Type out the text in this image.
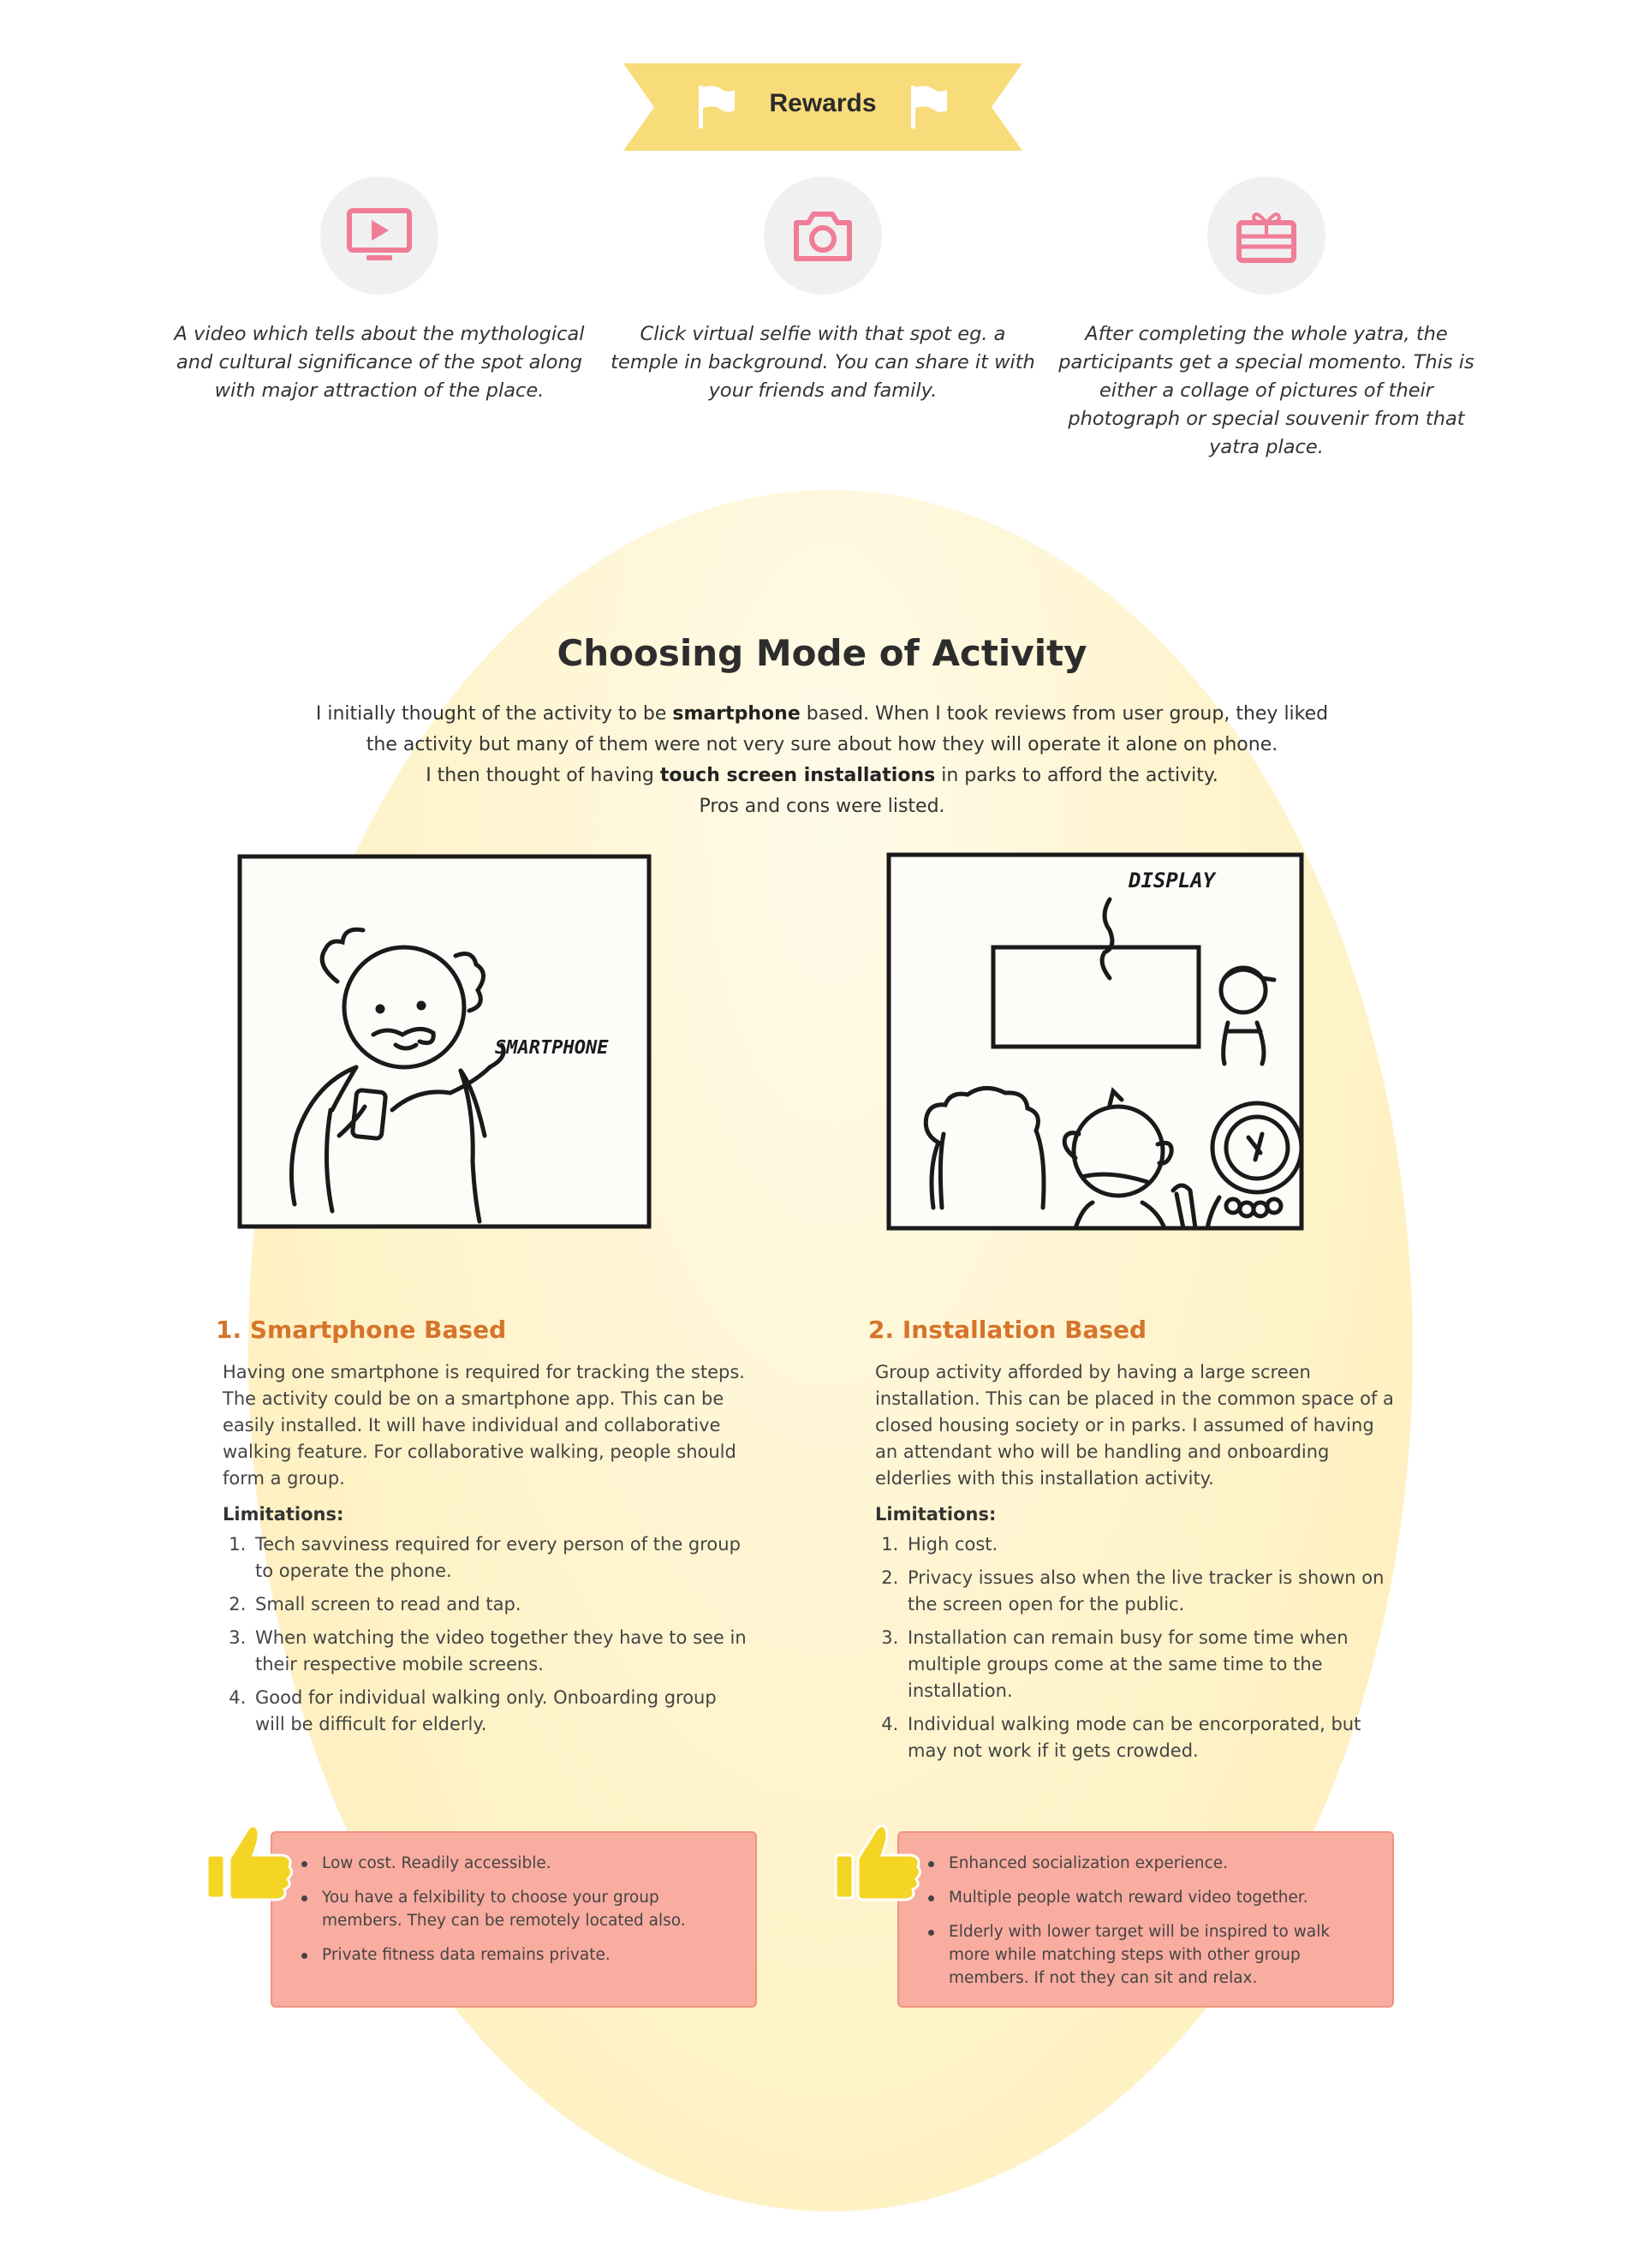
Rewards
A video which tells about the mythological and cultural significance of the spot along with major attraction of the place.
Click virtual selfie with that spot eg. a temple in background. You can share it with your friends and family.
After completing the whole yatra, the participants get a special momento. This is either a collage of pictures of their photograph or special souvenir from that yatra place.
Choosing Mode of Activity
I initially thought of the activity to be smartphone based. When I took reviews from user group, they liked the activity but many of them were not very sure about how they will operate it alone on phone.
I then thought of having touch screen installations in parks to afford the activity.
Pros and cons were listed.
SMARTPHONE
DISPLAY
1. Smartphone Based
Having one smartphone is required for tracking the steps. The activity could be on a smartphone app. This can be easily installed. It will have individual and collaborative walking feature. For collaborative walking, people should form a group.
Limitations:
1. Tech savviness required for every person of the group to operate the phone.
2. Small screen to read and tap.
3. When watching the video together they have to see in their respective mobile screens.
4. Good for individual walking only. Onboarding group will be difficult for elderly.
2. Installation Based
Group activity afforded by having a large screen installation. This can be placed in the common space of a closed housing society or in parks. I assumed of having an attendant who will be handling and onboarding elderlies with this installation activity.
Limitations:
1. High cost.
2. Privacy issues also when the live tracker is shown on the screen open for the public.
3. Installation can remain busy for some time when multiple groups come at the same time to the installation.
4. Individual walking mode can be encorporated, but may not work if it gets crowded.
Low cost. Readily accessible.
You have a felxibility to choose your group members. They can be remotely located also.
Private fitness data remains private.
Enhanced socialization experience.
Multiple people watch reward video together.
Elderly with lower target will be inspired to walk more while matching steps with other group members. If not they can sit and relax.
